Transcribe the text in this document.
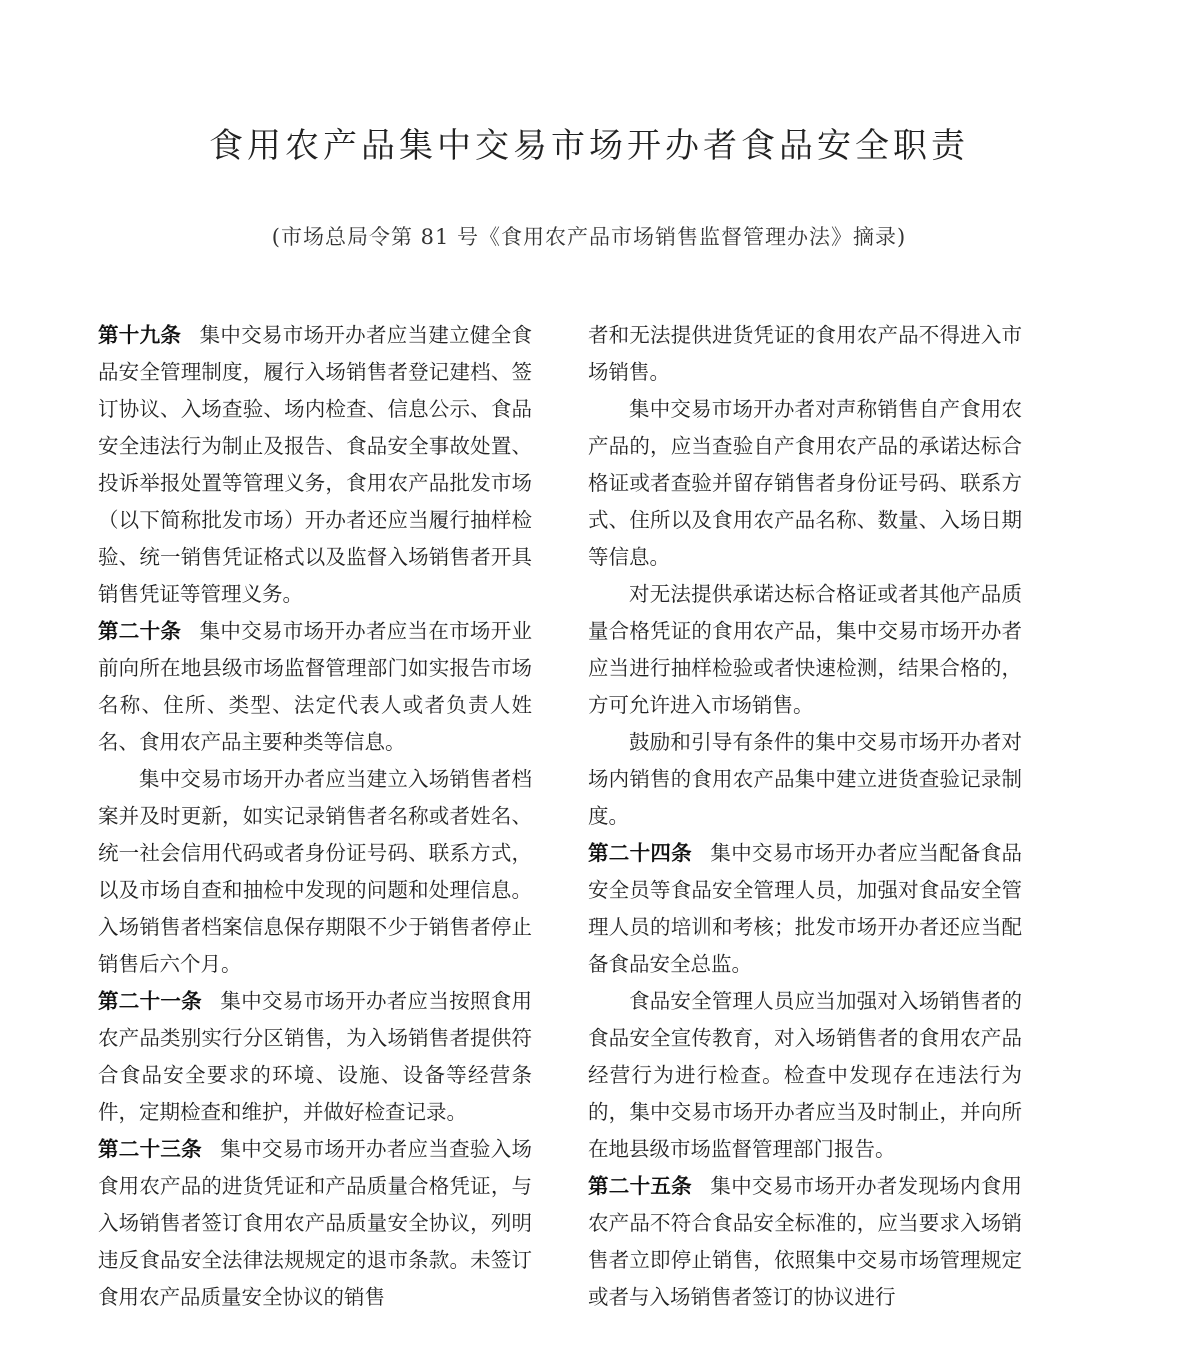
食用农产品集中交易市场开办者食品安全职责

(市场总局令第 81 号《食用农产品市场销售监督管理办法》摘录)

第十九条 集中交易市场开办者应当建立健全食品安全管理制度，履行入场销售者登记建档、签订协议、入场查验、场内检查、信息公示、食品安全违法行为制止及报告、食品安全事故处置、投诉举报处置等管理义务，食用农产品批发市场（以下简称批发市场）开办者还应当履行抽样检验、统一销售凭证格式以及监督入场销售者开具销售凭证等管理义务。

第二十条 集中交易市场开办者应当在市场开业前向所在地县级市场监督管理部门如实报告市场名称、住所、类型、法定代表人或者负责人姓名、食用农产品主要种类等信息。

集中交易市场开办者应当建立入场销售者档案并及时更新，如实记录销售者名称或者姓名、统一社会信用代码或者身份证号码、联系方式，以及市场自查和抽检中发现的问题和处理信息。入场销售者档案信息保存期限不少于销售者停止销售后六个月。

第二十一条 集中交易市场开办者应当按照食用农产品类别实行分区销售，为入场销售者提供符合食品安全要求的环境、设施、设备等经营条件，定期检查和维护，并做好检查记录。

第二十三条 集中交易市场开办者应当查验入场食用农产品的进货凭证和产品质量合格凭证，与入场销售者签订食用农产品质量安全协议，列明违反食品安全法律法规规定的退市条款。未签订食用农产品质量安全协议的销售

者和无法提供进货凭证的食用农产品不得进入市场销售。

集中交易市场开办者对声称销售自产食用农产品的，应当查验自产食用农产品的承诺达标合格证或者查验并留存销售者身份证号码、联系方式、住所以及食用农产品名称、数量、入场日期等信息。

对无法提供承诺达标合格证或者其他产品质量合格凭证的食用农产品，集中交易市场开办者应当进行抽样检验或者快速检测，结果合格的，方可允许进入市场销售。

鼓励和引导有条件的集中交易市场开办者对场内销售的食用农产品集中建立进货查验记录制度。

第二十四条 集中交易市场开办者应当配备食品安全员等食品安全管理人员，加强对食品安全管理人员的培训和考核；批发市场开办者还应当配备食品安全总监。

食品安全管理人员应当加强对入场销售者的食品安全宣传教育，对入场销售者的食用农产品经营行为进行检查。检查中发现存在违法行为的，集中交易市场开办者应当及时制止，并向所在地县级市场监督管理部门报告。

第二十五条 集中交易市场开办者发现场内食用农产品不符合食品安全标准的，应当要求入场销售者立即停止销售，依照集中交易市场管理规定或者与入场销售者签订的协议进行
